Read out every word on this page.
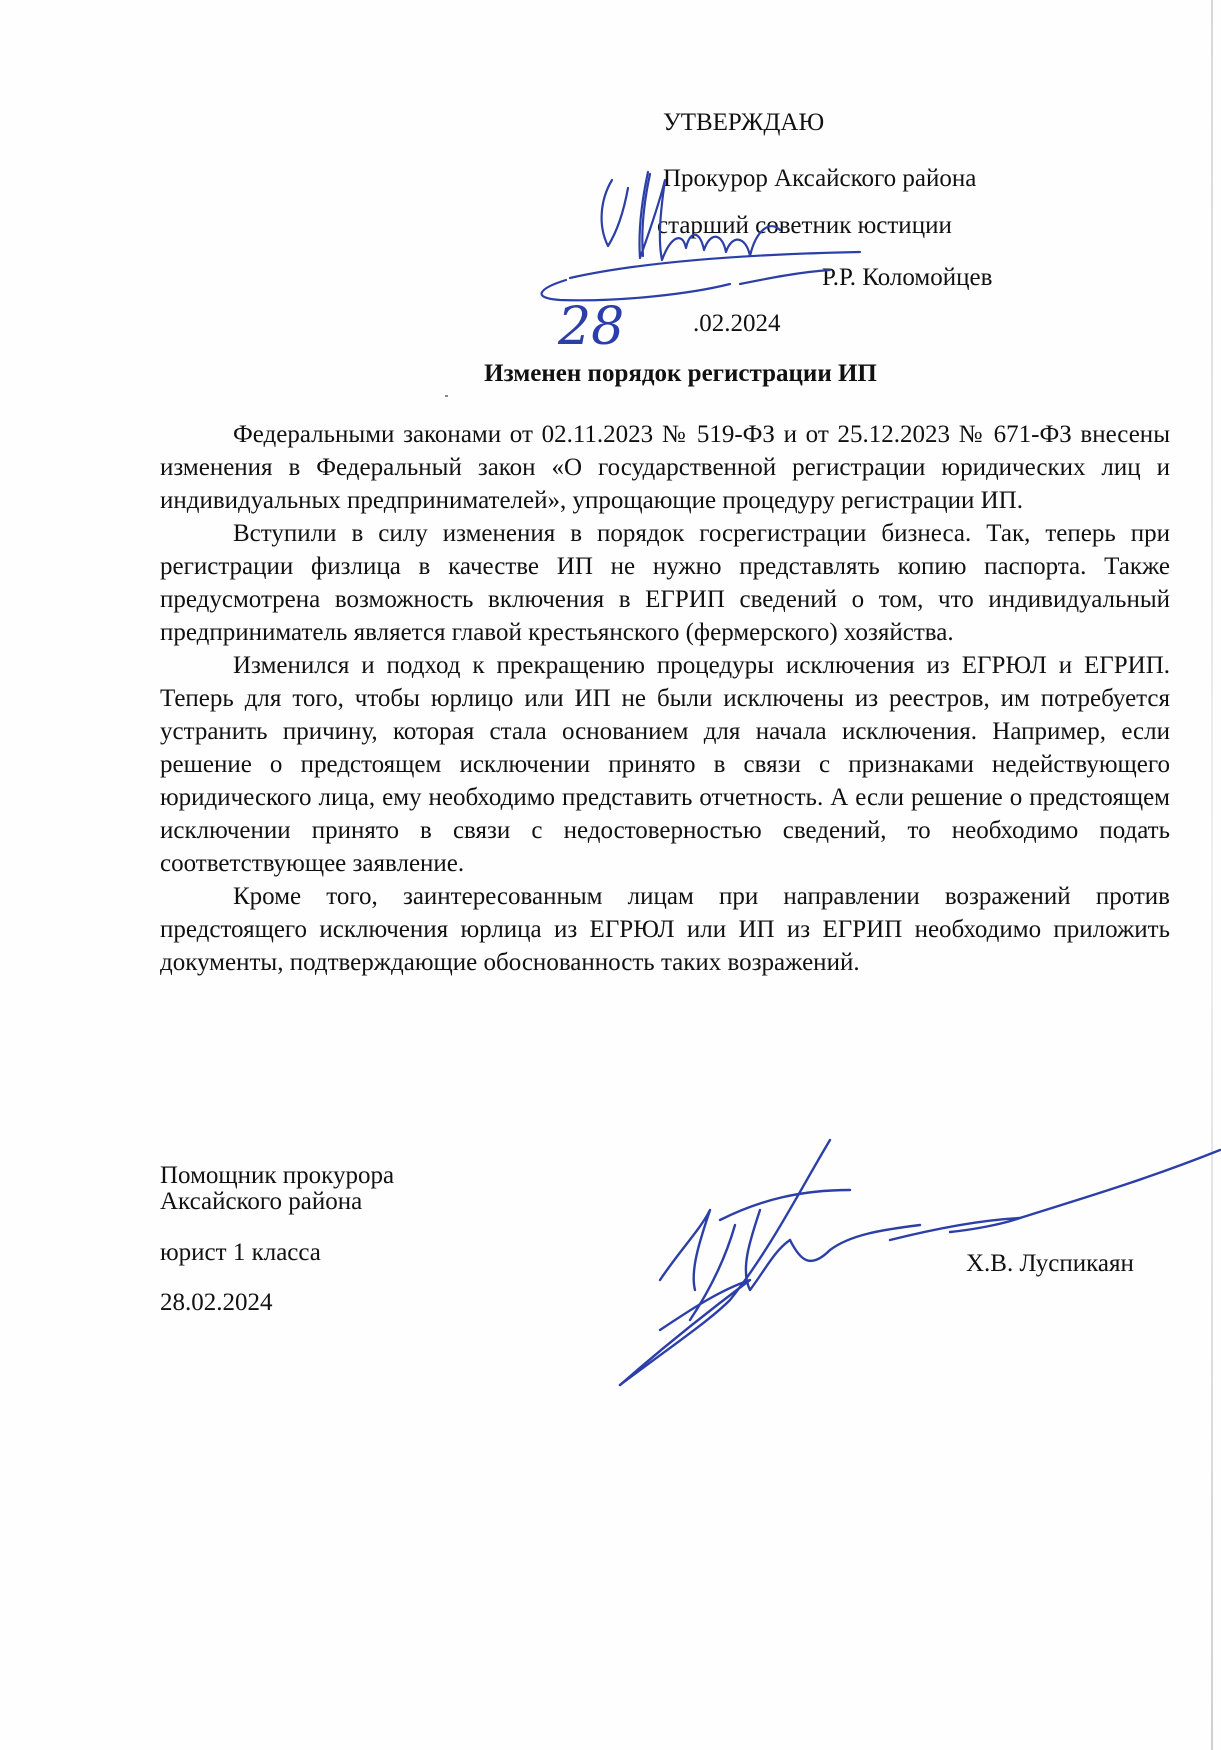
УТВЕРЖДАЮ
Прокурор Аксайского района
старший советник юстиции
Р.Р. Коломойцев
.02.2024
28
Изменен порядок регистрации ИП

Федеральными законами от 02.11.2023 № 519-ФЗ и от 25.12.2023 № 671-ФЗ внесены изменения в Федеральный закон «О государственной регистрации юридических лиц и индивидуальных предпринимателей», упрощающие процедуру регистрации ИП.

Вступили в силу изменения в порядок госрегистрации бизнеса. Так, теперь при регистрации физлица в качестве ИП не нужно представлять копию паспорта. Также предусмотрена возможность включения в ЕГРИП сведений о том, что индивидуальный предприниматель является главой крестьянского (фермерского) хозяйства.

Изменился и подход к прекращению процедуры исключения из ЕГРЮЛ и ЕГРИП. Теперь для того, чтобы юрлицо или ИП не были исключены из реестров, им потребуется устранить причину, которая стала основанием для начала исключения. Например, если решение о предстоящем исключении принято в связи с признаками недействующего юридического лица, ему необходимо представить отчетность. А если решение о предстоящем исключении принято в связи с недостоверностью сведений, то необходимо подать соответствующее заявление.

Кроме того, заинтересованным лицам при направлении возражений против предстоящего исключения юрлица из ЕГРЮЛ или ИП из ЕГРИП необходимо приложить документы, подтверждающие обоснованность таких возражений.

Помощник прокурора
Аксайского района
юрист 1 класса
28.02.2024
Х.В. Луспикаян
